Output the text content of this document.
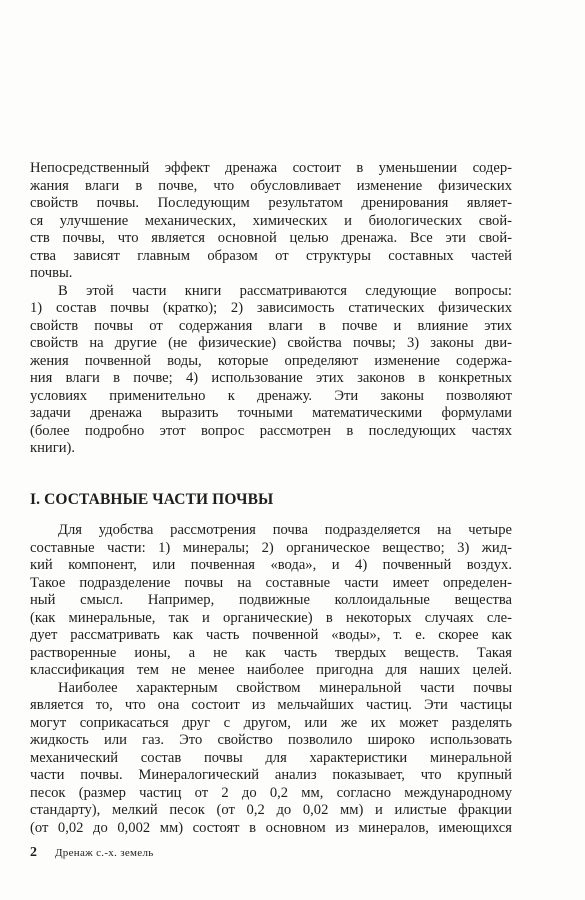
Непосредственный эффект дренажа состоит в уменьшении содер-
жания влаги в почве, что обусловливает изменение физических
свойств почвы. Последующим результатом дренирования являет-
ся улучшение механических, химических и биологических свой-
ств почвы, что является основной целью дренажа. Все эти свой-
ства зависят главным образом от структуры составных частей
почвы.
В этой части книги рассматриваются следующие вопросы:
1) состав почвы (кратко); 2) зависимость статических физических
свойств почвы от содержания влаги в почве и влияние этих
свойств на другие (не физические) свойства почвы; 3) законы дви-
жения почвенной воды, которые определяют изменение содержа-
ния влаги в почве; 4) использование этих законов в конкретных
условиях применительно к дренажу. Эти законы позволяют
задачи дренажа выразить точными математическими формулами
(более подробно этот вопрос рассмотрен в последующих частях
книги).
I. СОСТАВНЫЕ ЧАСТИ ПОЧВЫ
Для удобства рассмотрения почва подразделяется на четыре
составные части: 1) минералы; 2) органическое вещество; 3) жид-
кий компонент, или почвенная «вода», и 4) почвенный воздух.
Такое подразделение почвы на составные части имеет определен-
ный смысл. Например, подвижные коллоидальные вещества
(как минеральные, так и органические) в некоторых случаях сле-
дует рассматривать как часть почвенной «воды», т. е. скорее как
растворенные ионы, а не как часть твердых веществ. Такая
классификация тем не менее наиболее пригодна для наших целей.
Наиболее характерным свойством минеральной части почвы
является то, что она состоит из мельчайших частиц. Эти частицы
могут соприкасаться друг с другом, или же их может разделять
жидкость или газ. Это свойство позволило широко использовать
механический состав почвы для характеристики минеральной
части почвы. Минералогический анализ показывает, что крупный
песок (размер частиц от 2 до 0,2 мм, согласно международному
стандарту), мелкий песок (от 0,2 до 0,02 мм) и илистые фракции
(от 0,02 до 0,002 мм) состоят в основном из минералов, имеющихся
2 Дренаж с.-х. земель
